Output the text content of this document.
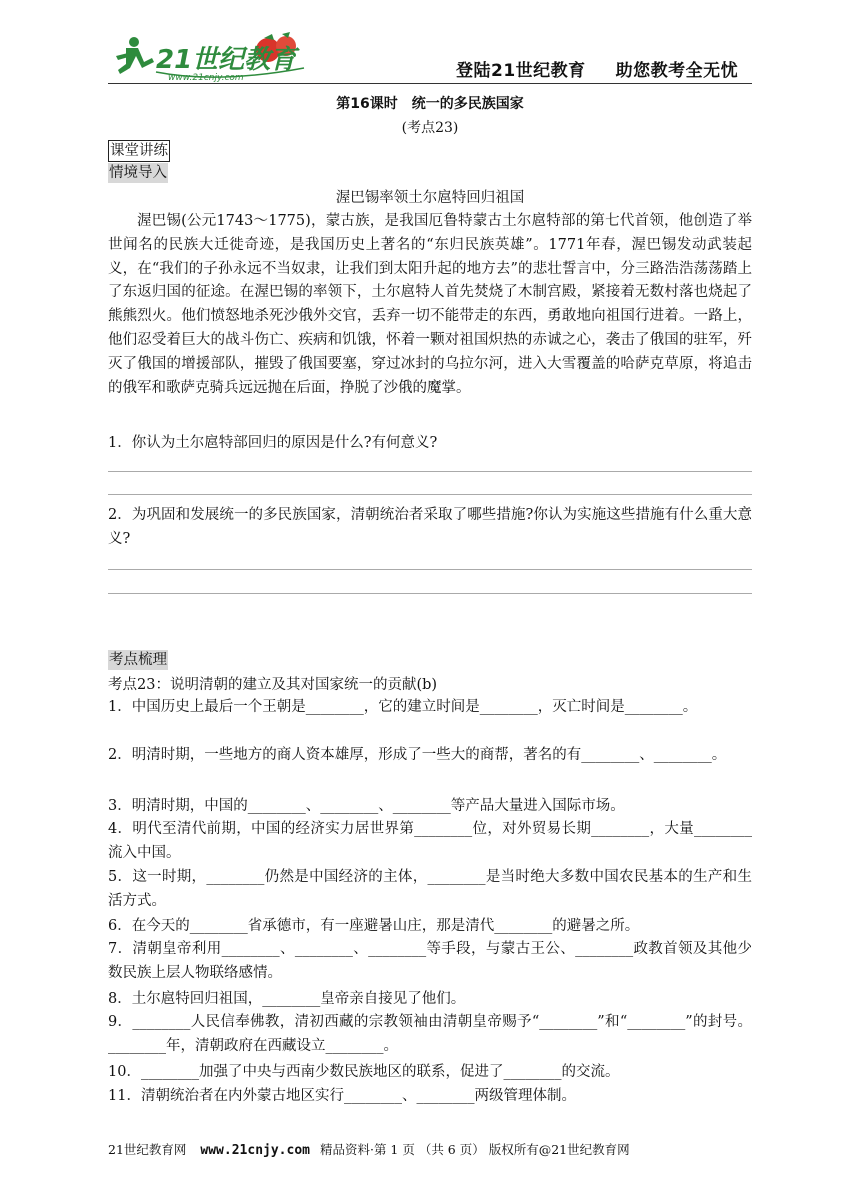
21世纪教育
www.21cnjy.com	登陆21世纪教育 助您教考全无忧
第16课时　统一的多民族国家
(考点23)
课堂讲练
情境导入
渥巴锡率领土尔扈特回归祖国
渥巴锡(公元1743～1775)，蒙古族，是我国厄鲁特蒙古土尔扈特部的第七代首领，他创造了举世闻名的民族大迁徙奇迹，是我国历史上著名的“东归民族英雄”。1771年春，渥巴锡发动武装起义，在“我们的子孙永远不当奴隶，让我们到太阳升起的地方去”的悲壮誓言中，分三路浩浩荡荡踏上了东返归国的征途。在渥巴锡的率领下，土尔扈特人首先焚烧了木制宫殿，紧接着无数村落也烧起了熊熊烈火。他们愤怒地杀死沙俄外交官，丢弃一切不能带走的东西，勇敢地向祖国行进着。一路上，他们忍受着巨大的战斗伤亡、疾病和饥饿，怀着一颗对祖国炽热的赤诚之心，袭击了俄国的驻军，歼灭了俄国的增援部队，摧毁了俄国要塞，穿过冰封的乌拉尔河，进入大雪覆盖的哈萨克草原，将追击的俄军和歌萨克骑兵远远抛在后面，挣脱了沙俄的魔掌。
1．你认为土尔扈特部回归的原因是什么?有何意义?
2．为巩固和发展统一的多民族国家，清朝统治者采取了哪些措施?你认为实施这些措施有什么重大意义?
考点梳理
考点23：说明清朝的建立及其对国家统一的贡献(b)
1．中国历史上最后一个王朝是________，它的建立时间是________，灭亡时间是________。
2．明清时期，一些地方的商人资本雄厚，形成了一些大的商帮，著名的有________、________。
3．明清时期，中国的________、________、________等产品大量进入国际市场。
4．明代至清代前期，中国的经济实力居世界第________位，对外贸易长期________，大量________流入中国。
5．这一时期，________仍然是中国经济的主体，________是当时绝大多数中国农民基本的生产和生活方式。
6．在今天的________省承德市，有一座避暑山庄，那是清代________的避暑之所。
7．清朝皇帝利用________、________、________等手段，与蒙古王公、________政教首领及其他少数民族上层人物联络感情。
8．土尔扈特回归祖国，________皇帝亲自接见了他们。
9．________人民信奉佛教，清初西藏的宗教领袖由清朝皇帝赐予“________”和“________”的封号。________年，清朝政府在西藏设立________。
10．________加强了中央与西南少数民族地区的联系，促进了________的交流。
11．清朝统治者在内外蒙古地区实行________、________两级管理体制。
21世纪教育网 www.21cnjy.com 精品资料·第 1 页 （共 6 页） 版权所有@21世纪教育网
